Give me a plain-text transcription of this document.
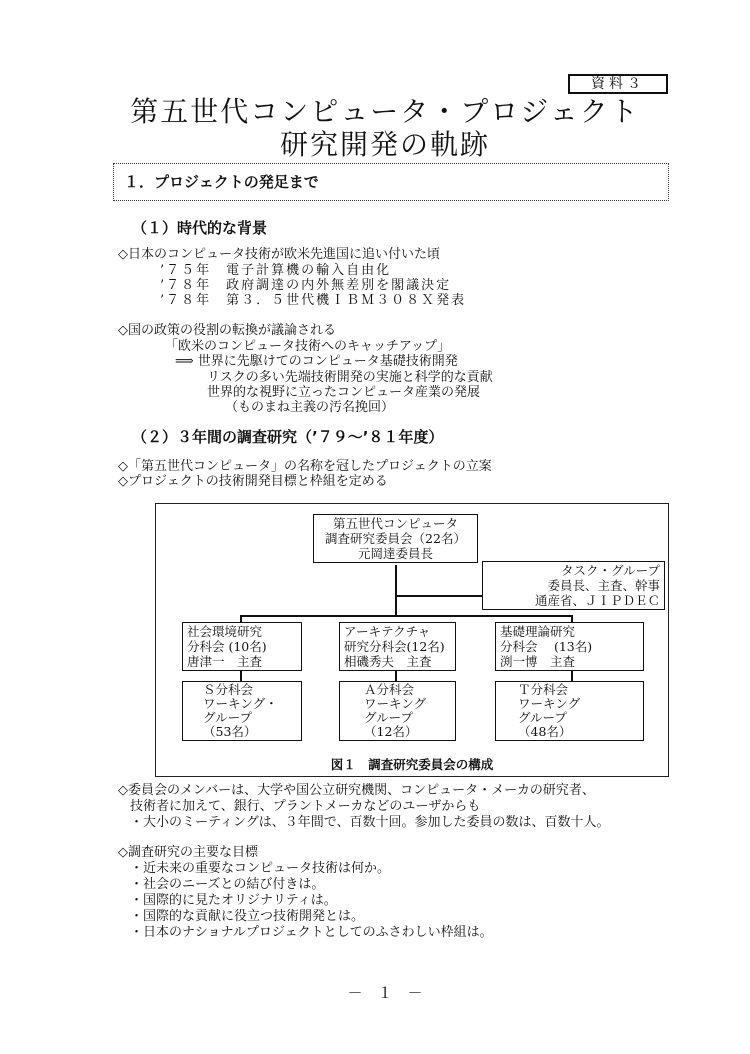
資料３
第五世代コンピュータ・プロジェクト
研究開発の軌跡
１．プロジェクトの発足まで
（１）時代的な背景
◇日本のコンピュータ技術が欧米先進国に追い付いた頃
’７５年　電子計算機の輸入自由化
’７８年　政府調達の内外無差別を閣議決定
’７８年　第３．５世代機ＩＢＭ３０８Ｘ発表
◇国の政策の役割の転換が議論される
「欧米のコンピュータ技術へのキャッチアップ」
⟹ 世界に先駆けてのコンピュータ基礎技術開発
リスクの多い先端技術開発の実施と科学的な貢献
世界的な視野に立ったコンピュータ産業の発展
（ものまね主義の汚名挽回）
（２）３年間の調査研究（’７９～’８１年度）
◇「第五世代コンピュータ」の名称を冠したプロジェクトの立案
◇プロジェクトの技術開発目標と枠組を定める
第五世代コンピュータ
調査研究委員会（22名）
元岡達委員長
タスク・グループ
委員長、主査、幹事
通産省、ＪＩＰＤＥＣ
社会環境研究
分科会 (10名)
唐津一　主査
アーキテクチャ
研究分科会(12名)
相磯秀夫　主査
基礎理論研究
分科会　 (13名)
渕一博　主査
Ｓ分科会
ワーキング・
グループ
（53名）
Ａ分科会
ワーキング
グループ
（12名）
Ｔ分科会
ワーキング
グループ
（48名）
図１　調査研究委員会の構成
◇委員会のメンバーは、大学や国公立研究機関、コンピュータ・メーカの研究者、
技術者に加えて、銀行、プラントメーカなどのユーザからも
・大小のミーティングは、３年間で、百数十回。参加した委員の数は、百数十人。
◇調査研究の主要な目標
・近未来の重要なコンピュータ技術は何か。
・社会のニーズとの結び付きは。
・国際的に見たオリジナリティは。
・国際的な貢献に役立つ技術開発とは。
・日本のナショナルプロジェクトとしてのふさわしい枠組は。
－　１　－
